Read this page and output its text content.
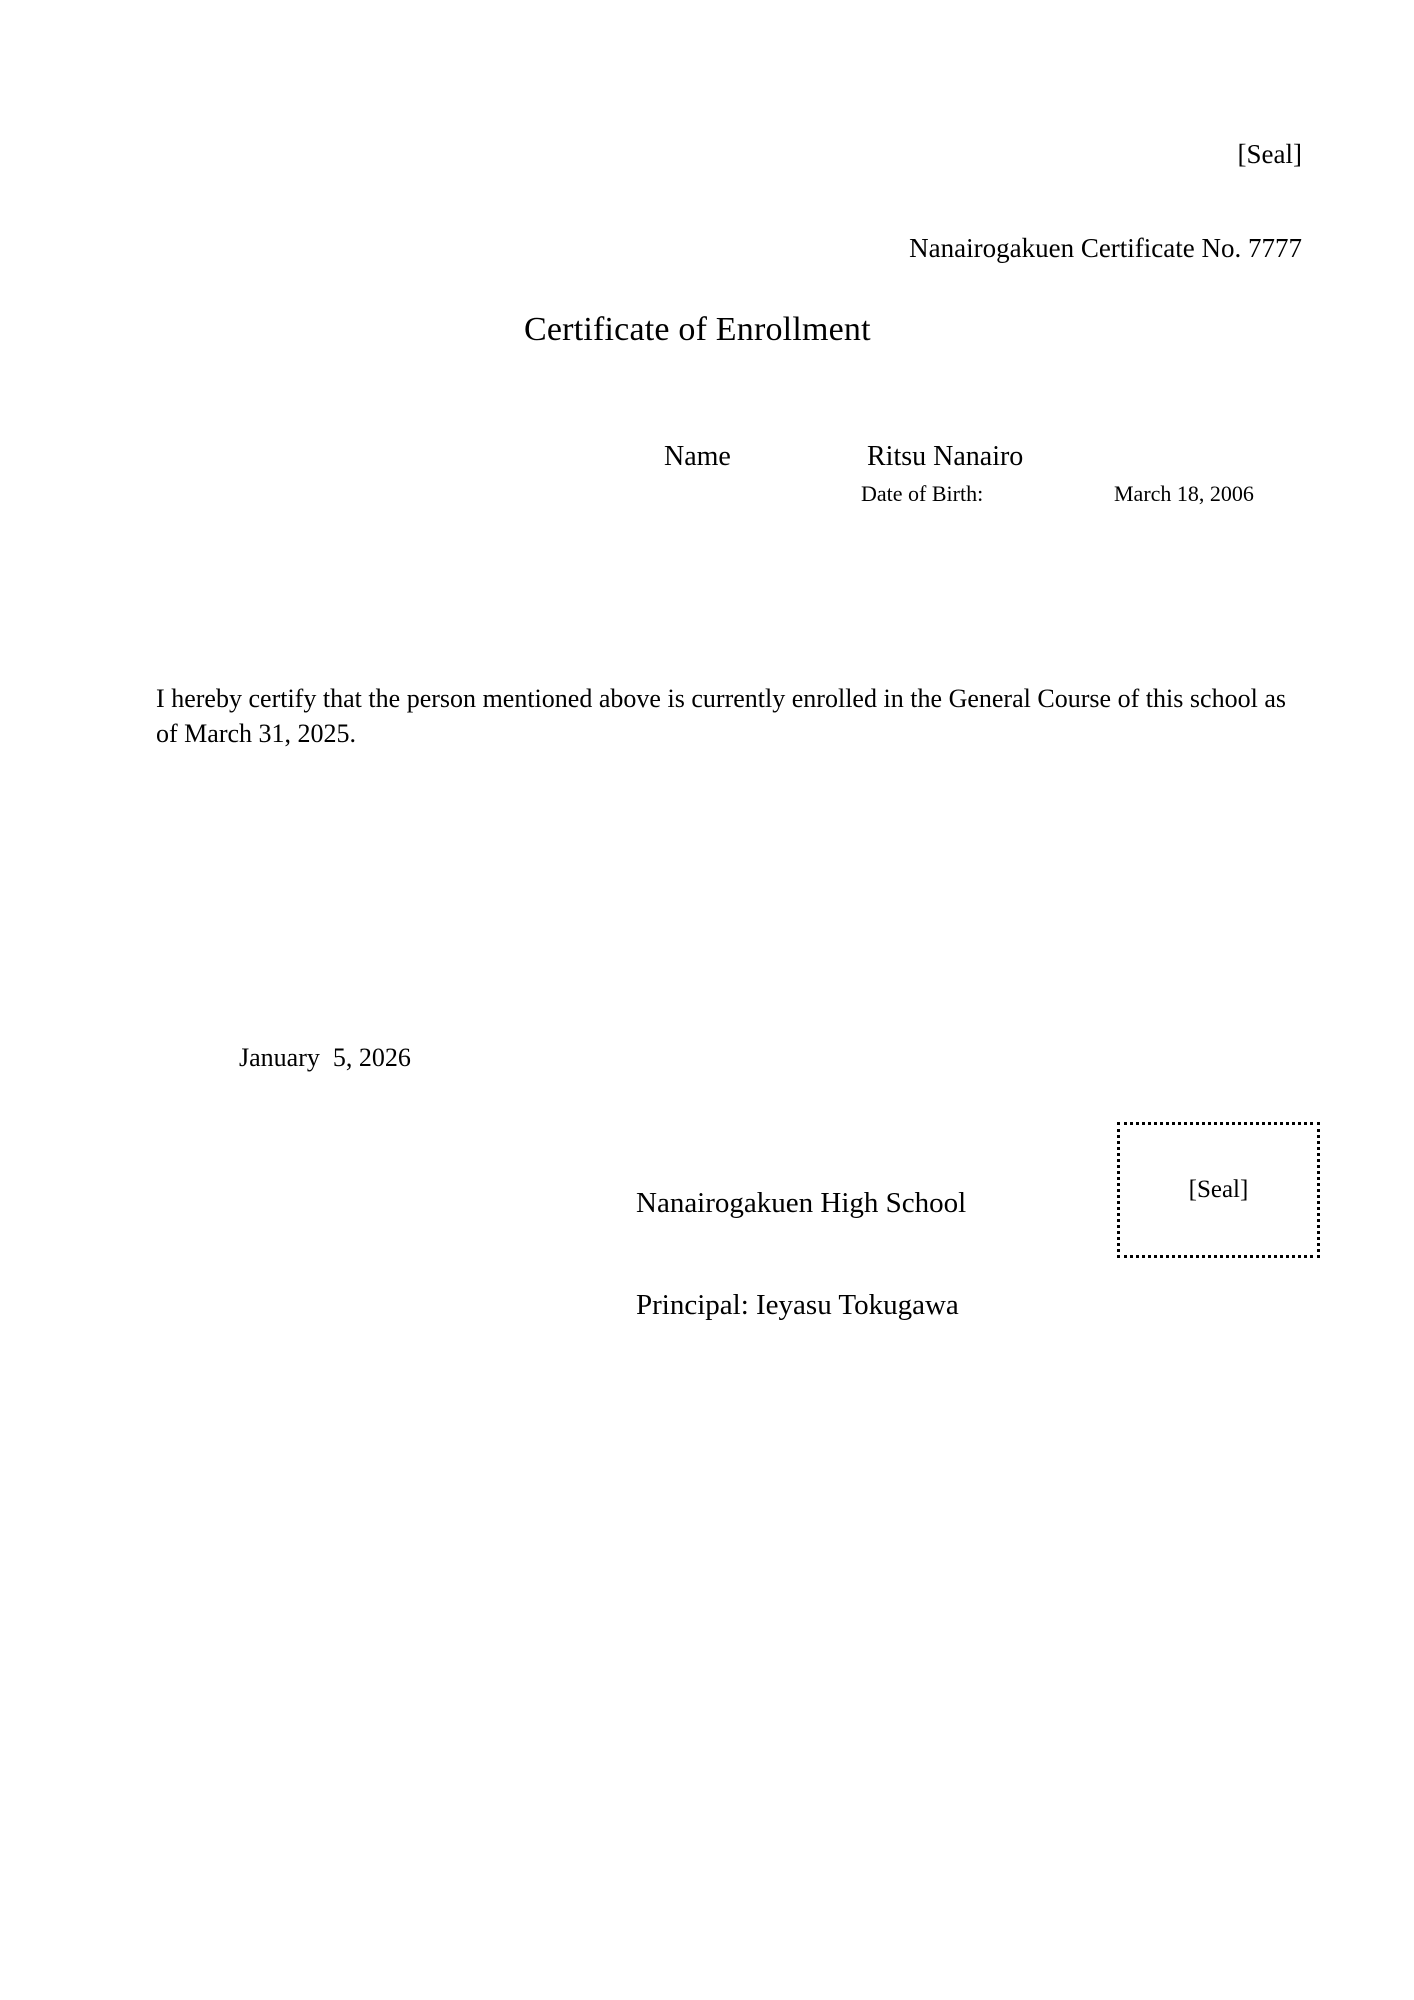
[Seal]
Nanairogakuen Certificate No. 7777
Certificate of Enrollment

Name	Ritsu Nanairo

Date of Birth:	March 18, 2006

I hereby certify that the person mentioned above is currently enrolled in the General Course of this school as of March 31, 2025.
January  5, 2026

Nanairogakuen High School

Principal: Ieyasu Tokugawa

[Seal]
